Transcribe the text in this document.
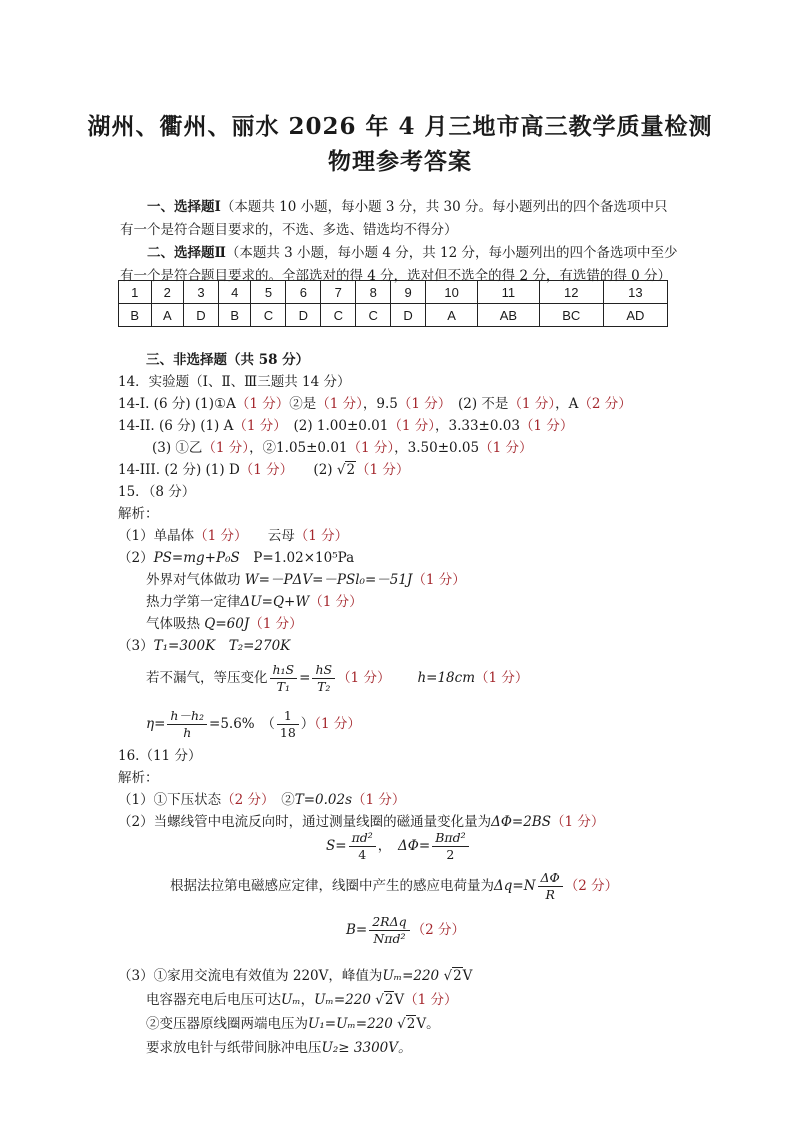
湖州、衢州、丽水 2026 年 4 月三地市高三教学质量检测
物理参考答案
  一、选择题Ⅰ（本题共 10 小题，每小题 3 分，共 30 分。每小题列出的四个备选项中只有一个是符合题目要求的，不选、多选、错选均不得分）
  二、选择题Ⅱ（本题共 3 小题，每小题 4 分，共 12 分，每小题列出的四个备选项中至少有一个是符合题目要求的。全部选对的得 4 分，选对但不选全的得 2 分，有选错的得 0 分）
1	2	3	4	5	6	7	8	9	10	11	12	13
B	A	D	B	C	D	C	C	D	A	AB	BC	AD
三、非选择题（共 58 分）
14．实验题（Ⅰ、Ⅱ、Ⅲ三题共 14 分）
14-I. (6 分) (1)①A（1 分）②是（1 分），9.5（1 分）  (2) 不是（1 分），A（2 分）
14-II. (6 分) (1) A（1 分）  (2) 1.00±0.01（1 分），3.33±0.03（1 分）
(3) ①乙（1 分），②1.05±0.01（1 分），3.50±0.05（1 分）
14-III. (2 分) (1) D（1 分）   (2) √2（1 分）
15．（8 分）
解析：
（1）单晶体（1 分）   云母（1 分）
（2）PS=mg+P₀S  P=1.02×10⁵Pa
外界对气体做功 W=－PΔV=－PSl₀=－51J（1 分）
热力学第一定律ΔU=Q+W（1 分）
气体吸热 Q=60J（1 分）
（3）T₁=300K  T₂=270K
若不漏气，等压变化 $\frac{\text{h₁S}}{\text{T₁}} = \frac{hS}{\text{T₂}} (1$ 分）   h=18cm（1 分）
$\eta= \frac{\text{h－h₂}}{h} =5.6\%$  （ $\frac{1}{18} )(1$ 分）
16.（11 分）
解析：
（1）①下压状态（2 分）  ②T=0.02s（1 分）
（2）当螺线管中电流反向时，通过测量线圈的磁通量变化量为ΔΦ=2BS（1 分）
$S= \frac{\text{πd²}}{4}$ ，  $\Delta\Phi= \frac{\text{Bπd²}}{2}$
根据法拉第电磁感应定律，线圈中产生的感应电荷量为$\Delta q=N \frac{\Delta\Phi}{R} (2$ 分）
$B= \frac{\text{2RΔq}}{\text{Nπd²}} (2$ 分）
（3）①家用交流电有效值为 220V，峰值为Uₘ=220 √2V
电容器充电后电压可达Uₘ，Uₘ=220 √2V（1 分）
②变压器原线圈两端电压为U₁=Uₘ=220 √2V。
要求放电针与纸带间脉冲电压U₂≥ 3300V。
